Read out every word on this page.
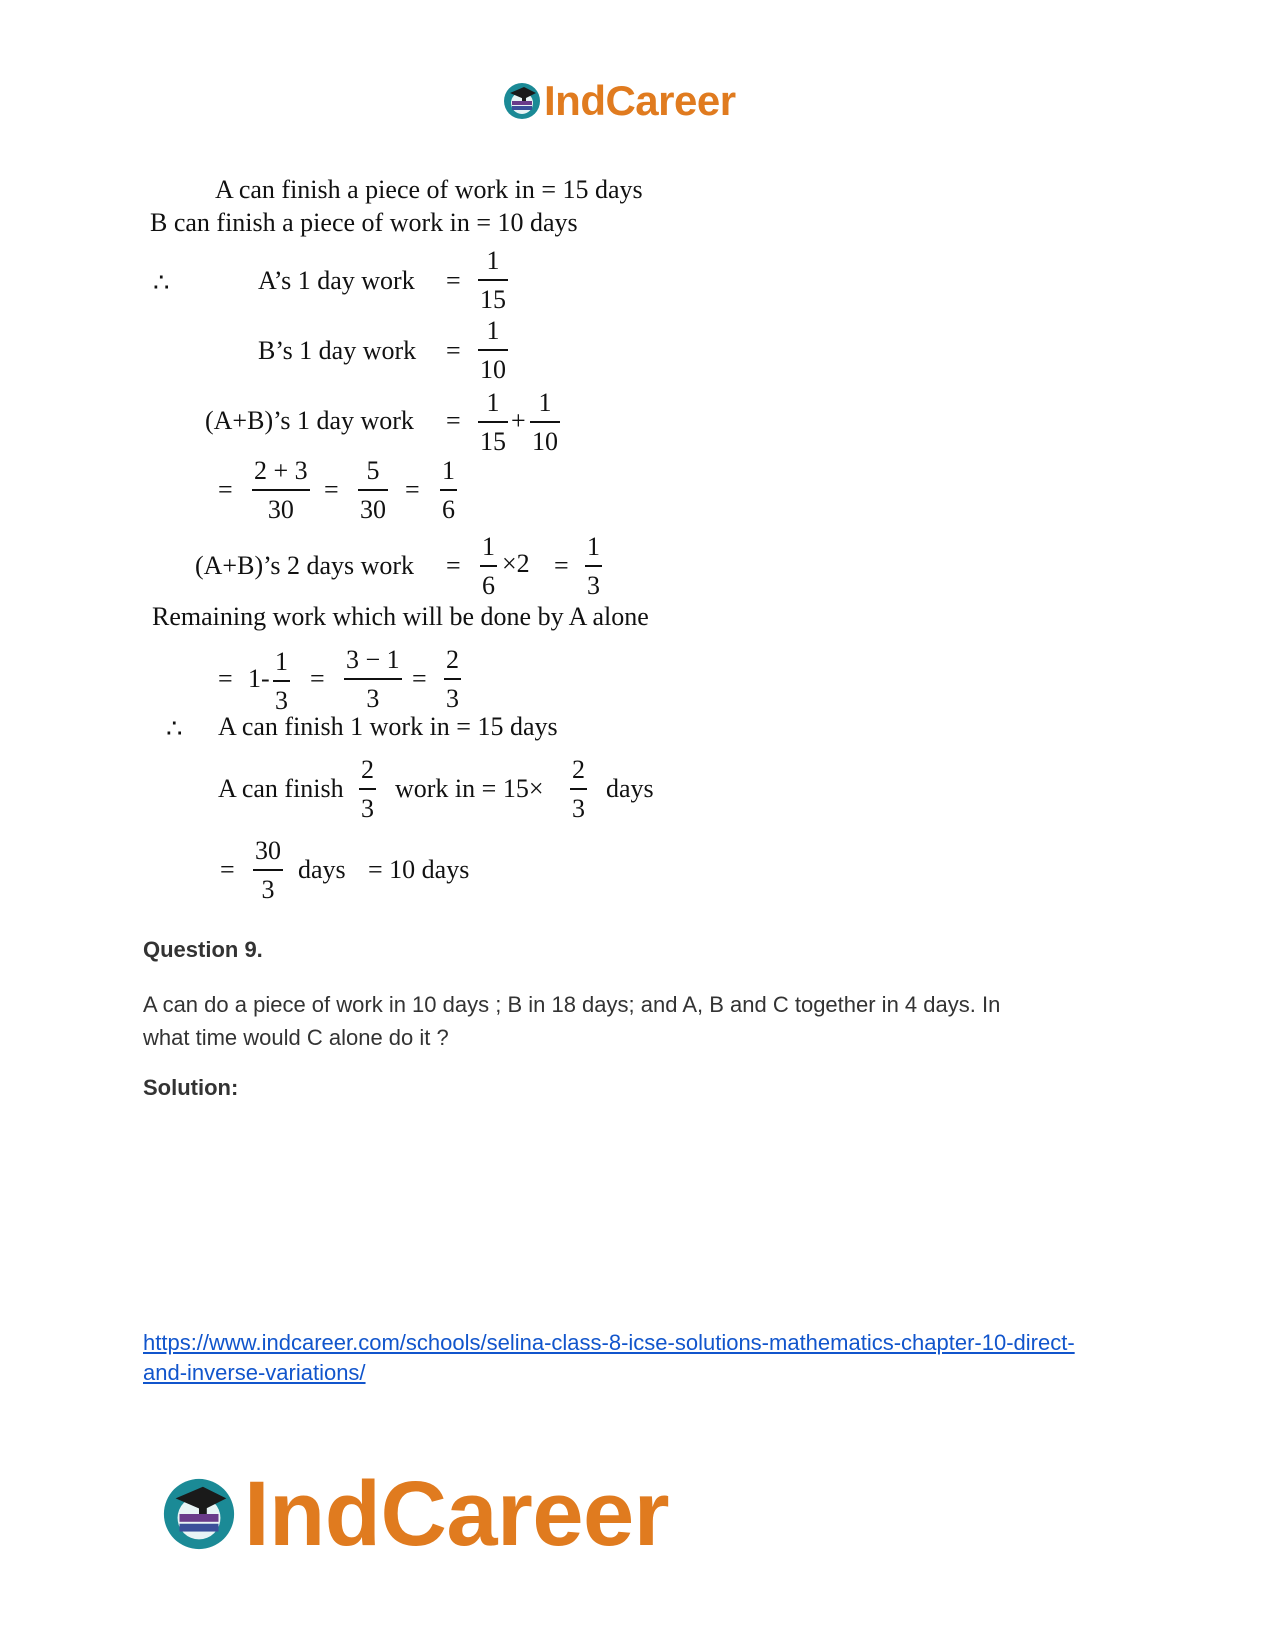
IndCareer
A can finish a piece of work in = 15 days
B can finish a piece of work in = 10 days
∴	A’s 1 day work =
1
15
B’s 1 day work =
1
10
(A+B)’s 1 day work =
1
15
+
1
10
=
2 + 3
30
=
5
30
=
1
6
(A+B)’s 2 days work =
1
6
×2 =
1
3
Remaining work which will be done by A alone
= 1-
1
3
=
3 − 1
3
=
2
3
∴ A can finish 1 work in = 15 days
A can finish
2
3
work in = 15×
2
3
days
=
30
3
days = 10 days
Question 9.
A can do a piece of work in 10 days ; B in 18 days; and A, B and C together in 4 days. In what time would C alone do it ?
Solution:
https://www.indcareer.com/schools/selina-class-8-icse-solutions-mathematics-chapter-10-direct-and-inverse-variations/
IndCareer
